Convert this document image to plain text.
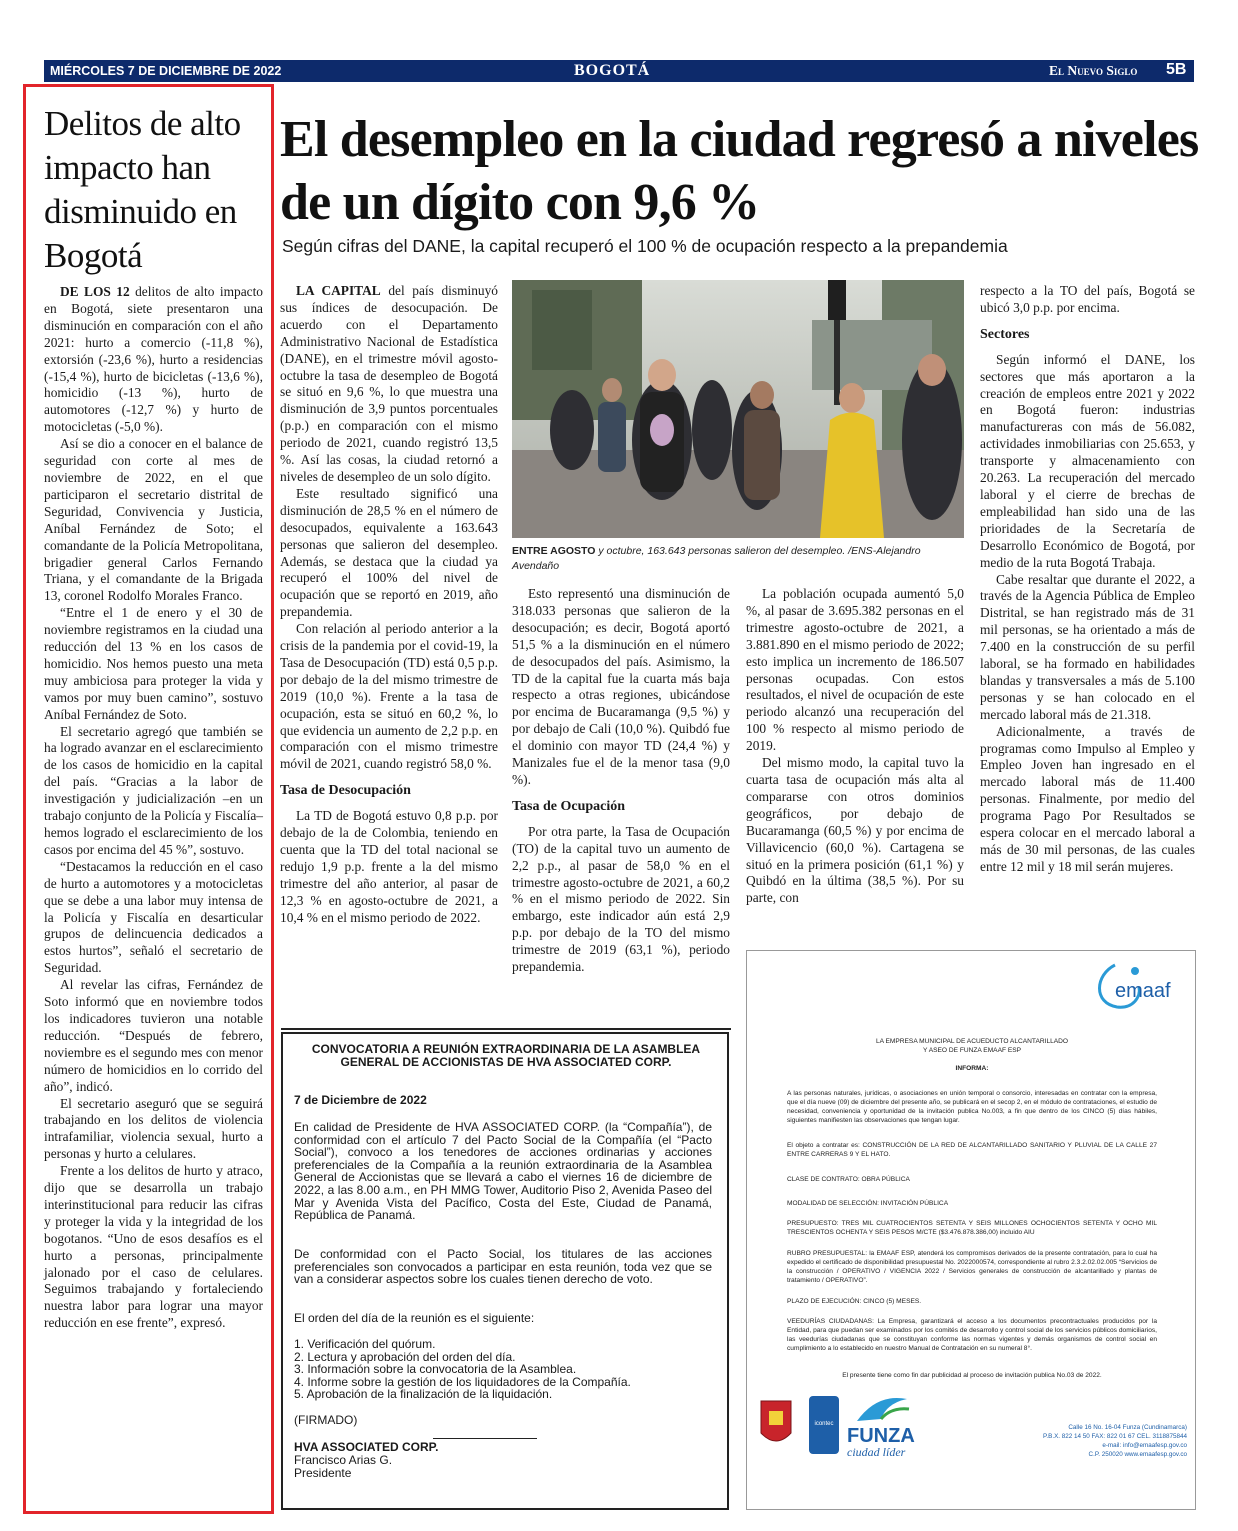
MIÉRCOLES 7 DE DICIEMBRE DE 2022	BOGOTÁ	El Nuevo Siglo 5B
Delitos de alto impacto han disminuido en Bogotá

DE LOS 12 delitos de alto impacto en Bogotá, siete presentaron una disminución en comparación con el año 2021: hurto a comercio (-11,8 %), extorsión (-23,6 %), hurto a residencias (-15,4 %), hurto de bicicletas (-13,6 %), homicidio (-13 %), hurto de automotores (-12,7 %) y hurto de motocicletas (-5,0 %).

Así se dio a conocer en el balance de seguridad con corte al mes de noviembre de 2022, en el que participaron el secretario distrital de Seguridad, Convivencia y Justicia, Aníbal Fernández de Soto; el comandante de la Policía Metropolitana, brigadier general Carlos Fernando Triana, y el comandante de la Brigada 13, coronel Rodolfo Morales Franco.

“Entre el 1 de enero y el 30 de noviembre registramos en la ciudad una reducción del 13 % en los casos de homicidio. Nos hemos puesto una meta muy ambiciosa para proteger la vida y vamos por muy buen camino”, sostuvo Aníbal Fernández de Soto.

El secretario agregó que también se ha logrado avanzar en el esclarecimiento de los casos de homicidio en la capital del país. “Gracias a la labor de investigación y judicialización –en un trabajo conjunto de la Policía y Fiscalía– hemos logrado el esclarecimiento de los casos por encima del 45 %”, sostuvo.

“Destacamos la reducción en el caso de hurto a automotores y a motocicletas que se debe a una labor muy intensa de la Policía y Fiscalía en desarticular grupos de delincuencia dedicados a estos hurtos”, señaló el secretario de Seguridad.

Al revelar las cifras, Fernández de Soto informó que en noviembre todos los indicadores tuvieron una notable reducción. “Después de febrero, noviembre es el segundo mes con menor número de homicidios en lo corrido del año”, indicó.

El secretario aseguró que se seguirá trabajando en los delitos de violencia intrafamiliar, violencia sexual, hurto a personas y hurto a celulares.

Frente a los delitos de hurto y atraco, dijo que se desarrolla un trabajo interinstitucional para reducir las cifras y proteger la vida y la integridad de los bogotanos. “Uno de esos desafíos es el hurto a personas, principalmente jalonado por el caso de celulares. Seguimos trabajando y fortaleciendo nuestra labor para lograr una mayor reducción en ese frente”, expresó.

El desempleo en la ciudad regresó a niveles de un dígito con 9,6 %
Según cifras del DANE, la capital recuperó el 100 % de ocupación respecto a la prepandemia

LA CAPITAL del país disminuyó sus índices de desocupación. De acuerdo con el Departamento Administrativo Nacional de Estadística (DANE), en el trimestre móvil agosto-octubre la tasa de desempleo de Bogotá se situó en 9,6 %, lo que muestra una disminución de 3,9 puntos porcentuales (p.p.) en comparación con el mismo periodo de 2021, cuando registró 13,5 %. Así las cosas, la ciudad retornó a niveles de desempleo de un solo dígito.

Este resultado significó una disminución de 28,5 % en el número de desocupados, equivalente a 163.643 personas que salieron del desempleo. Además, se destaca que la ciudad ya recuperó el 100% del nivel de ocupación que se reportó en 2019, año prepandemia.

Con relación al periodo anterior a la crisis de la pandemia por el covid-19, la Tasa de Desocupación (TD) está 0,5 p.p. por debajo de la del mismo trimestre de 2019 (10,0 %). Frente a la tasa de ocupación, esta se situó en 60,2 %, lo que evidencia un aumento de 2,2 p.p. en comparación con el mismo trimestre móvil de 2021, cuando registró 58,0 %.

Tasa de Desocupación

La TD de Bogotá estuvo 0,8 p.p. por debajo de la de Colombia, teniendo en cuenta que la TD del total nacional se redujo 1,9 p.p. frente a la del mismo trimestre del año anterior, al pasar de 12,3 % en agosto-octubre de 2021, a 10,4 % en el mismo periodo de 2022.

ENTRE AGOSTO y octubre, 163.643 personas salieron del desempleo. /ENS-Alejandro Avendaño

Esto representó una disminución de 318.033 personas que salieron de la desocupación; es decir, Bogotá aportó 51,5 % a la disminución en el número de desocupados del país. Asimismo, la TD de la capital fue la cuarta más baja respecto a otras regiones, ubicándose por encima de Bucaramanga (9,5 %) y por debajo de Cali (10,0 %). Quibdó fue el dominio con mayor TD (24,4 %) y Manizales fue el de la menor tasa (9,0 %).

Tasa de Ocupación

Por otra parte, la Tasa de Ocupación (TO) de la capital tuvo un aumento de 2,2 p.p., al pasar de 58,0 % en el trimestre agosto-octubre de 2021, a 60,2 % en el mismo periodo de 2022. Sin embargo, este indicador aún está 2,9 p.p. por debajo de la TO del mismo trimestre de 2019 (63,1 %), periodo prepandemia.

La población ocupada aumentó 5,0 %, al pasar de 3.695.382 personas en el trimestre agosto-octubre de 2021, a 3.881.890 en el mismo periodo de 2022; esto implica un incremento de 186.507 personas ocupadas. Con estos resultados, el nivel de ocupación de este periodo alcanzó una recuperación del 100 % respecto al mismo periodo de 2019.

Del mismo modo, la capital tuvo la cuarta tasa de ocupación más alta al compararse con otros dominios geográficos, por debajo de Bucaramanga (60,5 %) y por encima de Villavicencio (60,0 %). Cartagena se situó en la primera posición (61,1 %) y Quibdó en la última (38,5 %). Por su parte, con

respecto a la TO del país, Bogotá se ubicó 3,0 p.p. por encima.

Sectores

Según informó el DANE, los sectores que más aportaron a la creación de empleos entre 2021 y 2022 en Bogotá fueron: industrias manufactureras con más de 56.082, actividades inmobiliarias con 25.653, y transporte y almacenamiento con 20.263. La recuperación del mercado laboral y el cierre de brechas de empleabilidad han sido una de las prioridades de la Secretaría de Desarrollo Económico de Bogotá, por medio de la ruta Bogotá Trabaja.

Cabe resaltar que durante el 2022, a través de la Agencia Pública de Empleo Distrital, se han registrado más de 31 mil personas, se ha orientado a más de 7.400 en la construcción de su perfil laboral, se ha formado en habilidades blandas y transversales a más de 5.100 personas y se han colocado en el mercado laboral más de 21.318.

Adicionalmente, a través de programas como Impulso al Empleo y Empleo Joven han ingresado en el mercado laboral más de 11.400 personas. Finalmente, por medio del programa Pago Por Resultados se espera colocar en el mercado laboral a más de 30 mil personas, de las cuales entre 12 mil y 18 mil serán mujeres.

CONVOCATORIA A REUNIÓN EXTRAORDINARIA DE LA ASAMBLEA GENERAL DE ACCIONISTAS DE HVA ASSOCIATED CORP.
7 de Diciembre de 2022
En calidad de Presidente de HVA ASSOCIATED CORP. (la “Compañía”), de conformidad con el artículo 7 del Pacto Social de la Compañía (el “Pacto Social”), convoco a los tenedores de acciones ordinarias y acciones preferenciales de la Compañía a la reunión extraordinaria de la Asamblea General de Accionistas que se llevará a cabo el viernes 16 de diciembre de 2022, a las 8.00 a.m., en PH MMG Tower, Auditorio Piso 2, Avenida Paseo del Mar y Avenida Vista del Pacífico, Costa del Este, Ciudad de Panamá, República de Panamá.
De conformidad con el Pacto Social, los titulares de las acciones preferenciales son convocados a participar en esta reunión, toda vez que se van a considerar aspectos sobre los cuales tienen derecho de voto.
El orden del día de la reunión es el siguiente:
1. Verificación del quórum.
2. Lectura y aprobación del orden del día.
3. Información sobre la convocatoria de la Asamblea.
4. Informe sobre la gestión de los liquidadores de la Compañía.
5. Aprobación de la finalización de la liquidación.
(FIRMADO)
HVA ASSOCIATED CORP.
Francisco Arias G.
Presidente
emaaf
LA EMPRESA MUNICIPAL DE ACUEDUCTO ALCANTARILLADO
Y ASEO DE FUNZA EMAAF ESP
INFORMA:
A las personas naturales, jurídicas, o asociaciones en unión temporal o consorcio, interesadas en contratar con la empresa, que el día nueve (09) de diciembre del presente año, se publicará en el secop 2, en el módulo de contrataciones, el estudio de necesidad, conveniencia y oportunidad de la invitación publica No.003, a fin que dentro de los CINCO (5) días hábiles, siguientes manifiesten las observaciones que tengan lugar.
El objeto a contratar es: CONSTRUCCIÓN DE LA RED DE ALCANTARILLADO SANITARIO Y PLUVIAL DE LA CALLE 27 ENTRE CARRERAS 9 Y EL HATO.
CLASE DE CONTRATO: OBRA PÚBLICA
MODALIDAD DE SELECCIÓN: INVITACIÓN PÚBLICA
PRESUPUESTO: TRES MIL CUATROCIENTOS SETENTA Y SEIS MILLONES OCHOCIENTOS SETENTA Y OCHO MIL TRESCIENTOS OCHENTA Y SEIS PESOS M/CTE ($3.476.878.386,00) incluido AIU
RUBRO PRESUPUESTAL: la EMAAF ESP, atenderá los compromisos derivados de la presente contratación, para lo cual ha expedido el certificado de disponibilidad presupuestal No. 2022000574, correspondiente al rubro 2.3.2.02.02.005 “Servicios de la construcción / OPERATIVO / VIGENCIA 2022 / Servicios generales de construcción de alcantarillado y plantas de tratamiento / OPERATIVO”.
PLAZO DE EJECUCIÓN: CINCO (5) MESES.
VEEDURÍAS CIUDADANAS: La Empresa, garantizará el acceso a los documentos precontractuales producidos por la Entidad, para que puedan ser examinados por los comités de desarrollo y control social de los servicios públicos domiciliarios, las veedurías ciudadanas que se constituyan conforme las normas vigentes y demás organismos de control social en cumplimiento a lo establecido en nuestro Manual de Contratación en su numeral 8°.
El presente tiene como fin dar publicidad al proceso de invitación publica No.03 de 2022.
icontec
FUNZA
ciudad líder
Calle 16 No. 16-04 Funza (Cundinamarca)
P.B.X. 822 14 50 FAX: 822 01 67 CEL. 3118875844
e-mail: info@emaafesp.gov.co
C.P. 250020 www.emaafesp.gov.co
